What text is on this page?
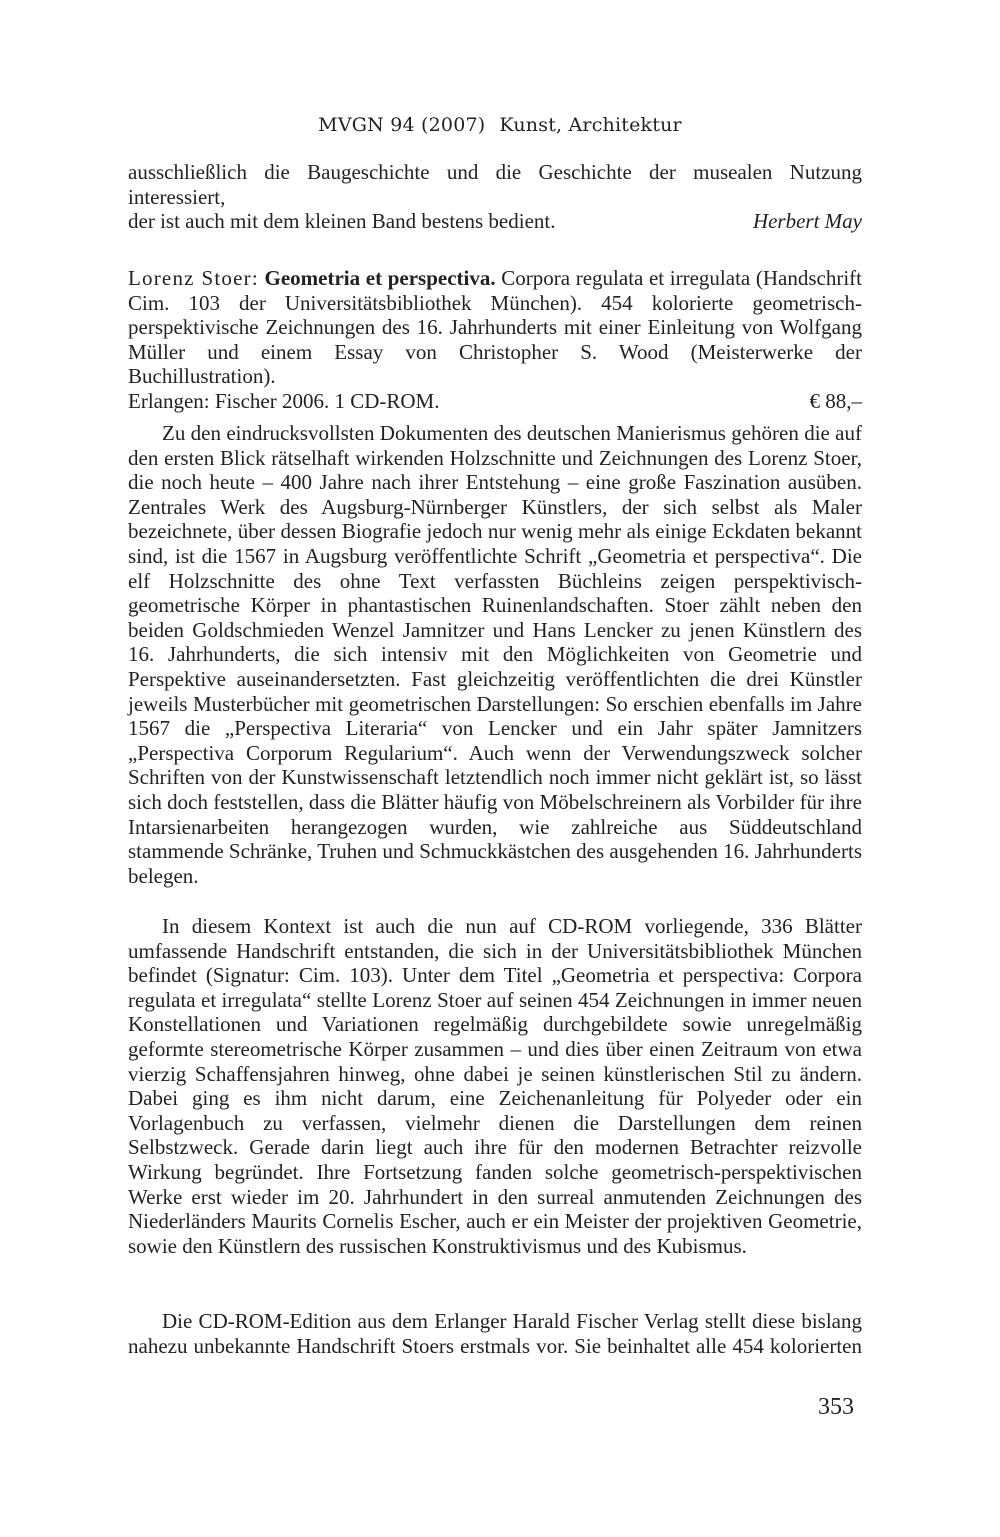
MVGN 94 (2007) Kunst, Architektur

ausschließlich die Baugeschichte und die Geschichte der musealen Nutzung interessiert,

der ist auch mit dem kleinen Band bestens bedient.	Herbert May

Lorenz Stoer: Geometria et perspectiva. Corpora regulata et irregulata (Handschrift Cim. 103 der Universitätsbibliothek München). 454 kolorierte geometrisch-perspektivische Zeichnungen des 16. Jahrhunderts mit einer Einleitung von Wolfgang Müller und einem Essay von Christopher S. Wood (Meisterwerke der Buchillustration).

Erlangen: Fischer 2006. 1 CD-ROM.	€ 88,–

Zu den eindrucksvollsten Dokumenten des deutschen Manierismus gehören die auf den ersten Blick rätselhaft wirkenden Holzschnitte und Zeichnungen des Lorenz Stoer, die noch heute – 400 Jahre nach ihrer Entstehung – eine große Faszination ausüben. Zentrales Werk des Augsburg-Nürnberger Künstlers, der sich selbst als Maler bezeichnete, über dessen Biografie jedoch nur wenig mehr als einige Eckdaten bekannt sind, ist die 1567 in Augsburg veröffentlichte Schrift „Geometria et perspectiva“. Die elf Holzschnitte des ohne Text verfassten Büchleins zeigen perspektivisch-geometrische Körper in phantastischen Ruinenlandschaften. Stoer zählt neben den beiden Goldschmieden Wenzel Jamnitzer und Hans Lencker zu jenen Künstlern des 16. Jahrhunderts, die sich intensiv mit den Möglichkeiten von Geometrie und Perspektive auseinandersetzten. Fast gleichzeitig veröffentlichten die drei Künstler jeweils Musterbücher mit geometrischen Darstellungen: So erschien ebenfalls im Jahre 1567 die „Perspectiva Literaria“ von Lencker und ein Jahr später Jamnitzers „Perspectiva Corporum Regularium“. Auch wenn der Verwendungszweck solcher Schriften von der Kunstwissenschaft letztendlich noch immer nicht geklärt ist, so lässt sich doch feststellen, dass die Blätter häufig von Möbelschreinern als Vorbilder für ihre Intarsienarbeiten herangezogen wurden, wie zahlreiche aus Süddeutschland stammende Schränke, Truhen und Schmuckkästchen des ausgehenden 16. Jahrhunderts belegen.

In diesem Kontext ist auch die nun auf CD-ROM vorliegende, 336 Blätter umfassende Handschrift entstanden, die sich in der Universitätsbibliothek München befindet (Signatur: Cim. 103). Unter dem Titel „Geometria et perspectiva: Corpora regulata et irregulata“ stellte Lorenz Stoer auf seinen 454 Zeichnungen in immer neuen Konstellationen und Variationen regelmäßig durchgebildete sowie unregelmäßig geformte stereometrische Körper zusammen – und dies über einen Zeitraum von etwa vierzig Schaffensjahren hinweg, ohne dabei je seinen künstlerischen Stil zu ändern. Dabei ging es ihm nicht darum, eine Zeichenanleitung für Polyeder oder ein Vorlagenbuch zu verfassen, vielmehr dienen die Darstellungen dem reinen Selbstzweck. Gerade darin liegt auch ihre für den modernen Betrachter reizvolle Wirkung begründet. Ihre Fortsetzung fanden solche geometrisch-perspektivischen Werke erst wieder im 20. Jahrhundert in den surreal anmutenden Zeichnungen des Niederländers Maurits Cornelis Escher, auch er ein Meister der projektiven Geometrie, sowie den Künstlern des russischen Konstruktivismus und des Kubismus.

Die CD-ROM-Edition aus dem Erlanger Harald Fischer Verlag stellt diese bislang nahezu unbekannte Handschrift Stoers erstmals vor. Sie beinhaltet alle 454 kolorierten

353
